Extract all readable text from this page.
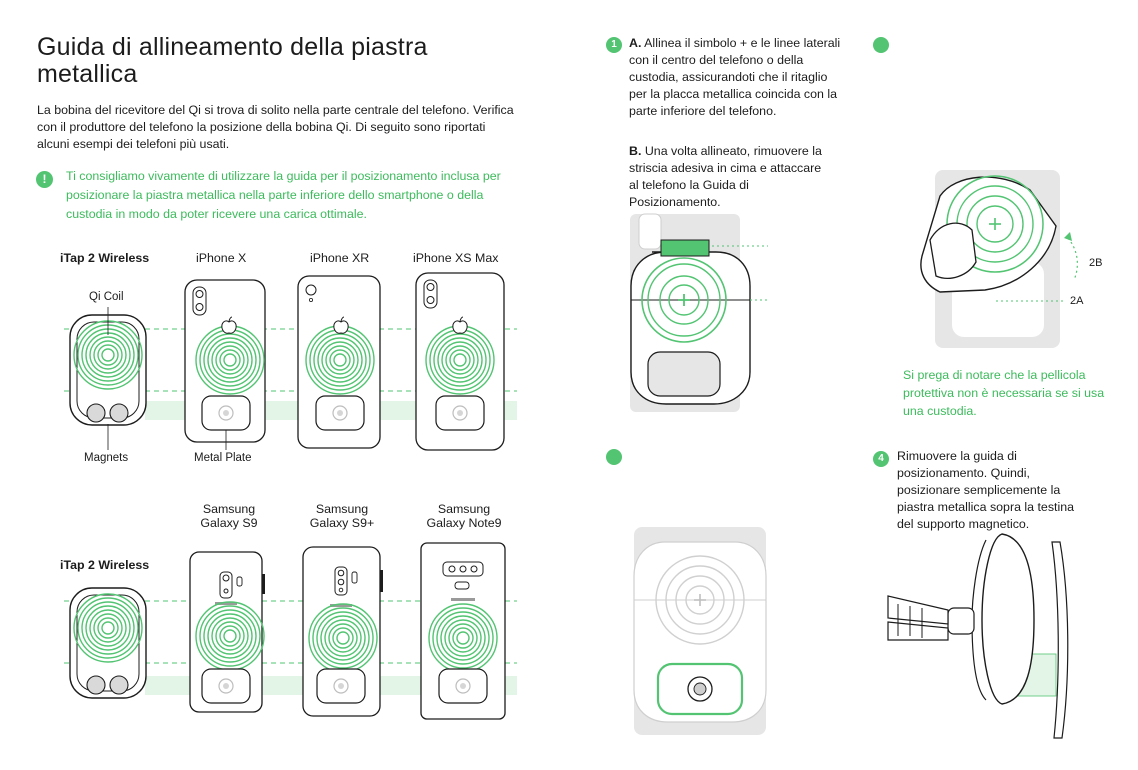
Guida di allineamento della piastra metallica
La bobina del ricevitore del Qi si trova di solito nella parte centrale del telefono. Verifica con il produttore del telefono la posizione della bobina Qi. Di seguito sono riportati alcuni esempi dei telefoni più usati.
!	Ti consigliamo vivamente di utilizzare la guida per il posizionamento inclusa per posizionare la piastra metallica nella parte inferiore dello smartphone o della custodia in modo da poter ricevere una carica ottimale.
iTap 2 Wireless	iPhone X	iPhone XR	iPhone XS Max
Qi Coil
Magnets	Metal Plate
iTap 2 Wireless
Samsung
Galaxy S9
Samsung
Galaxy S9+
Samsung
Galaxy Note9
1 A. Allinea il simbolo + e le linee laterali con il centro del telefono o della custodia, assicurandoti che il ritaglio per la placca metallica coincida con la parte inferiore del telefono.
B. Una volta allineato, rimuovere la striscia adesiva in cima e attaccare al telefono la Guida di Posizionamento.
2B
2A
Si prega di notare che la pellicola protettiva non è necessaria se si usa una custodia.
4	Rimuovere la guida di posizionamento. Quindi, posizionare semplicemente la piastra metallica sopra la testina del supporto magnetico.
